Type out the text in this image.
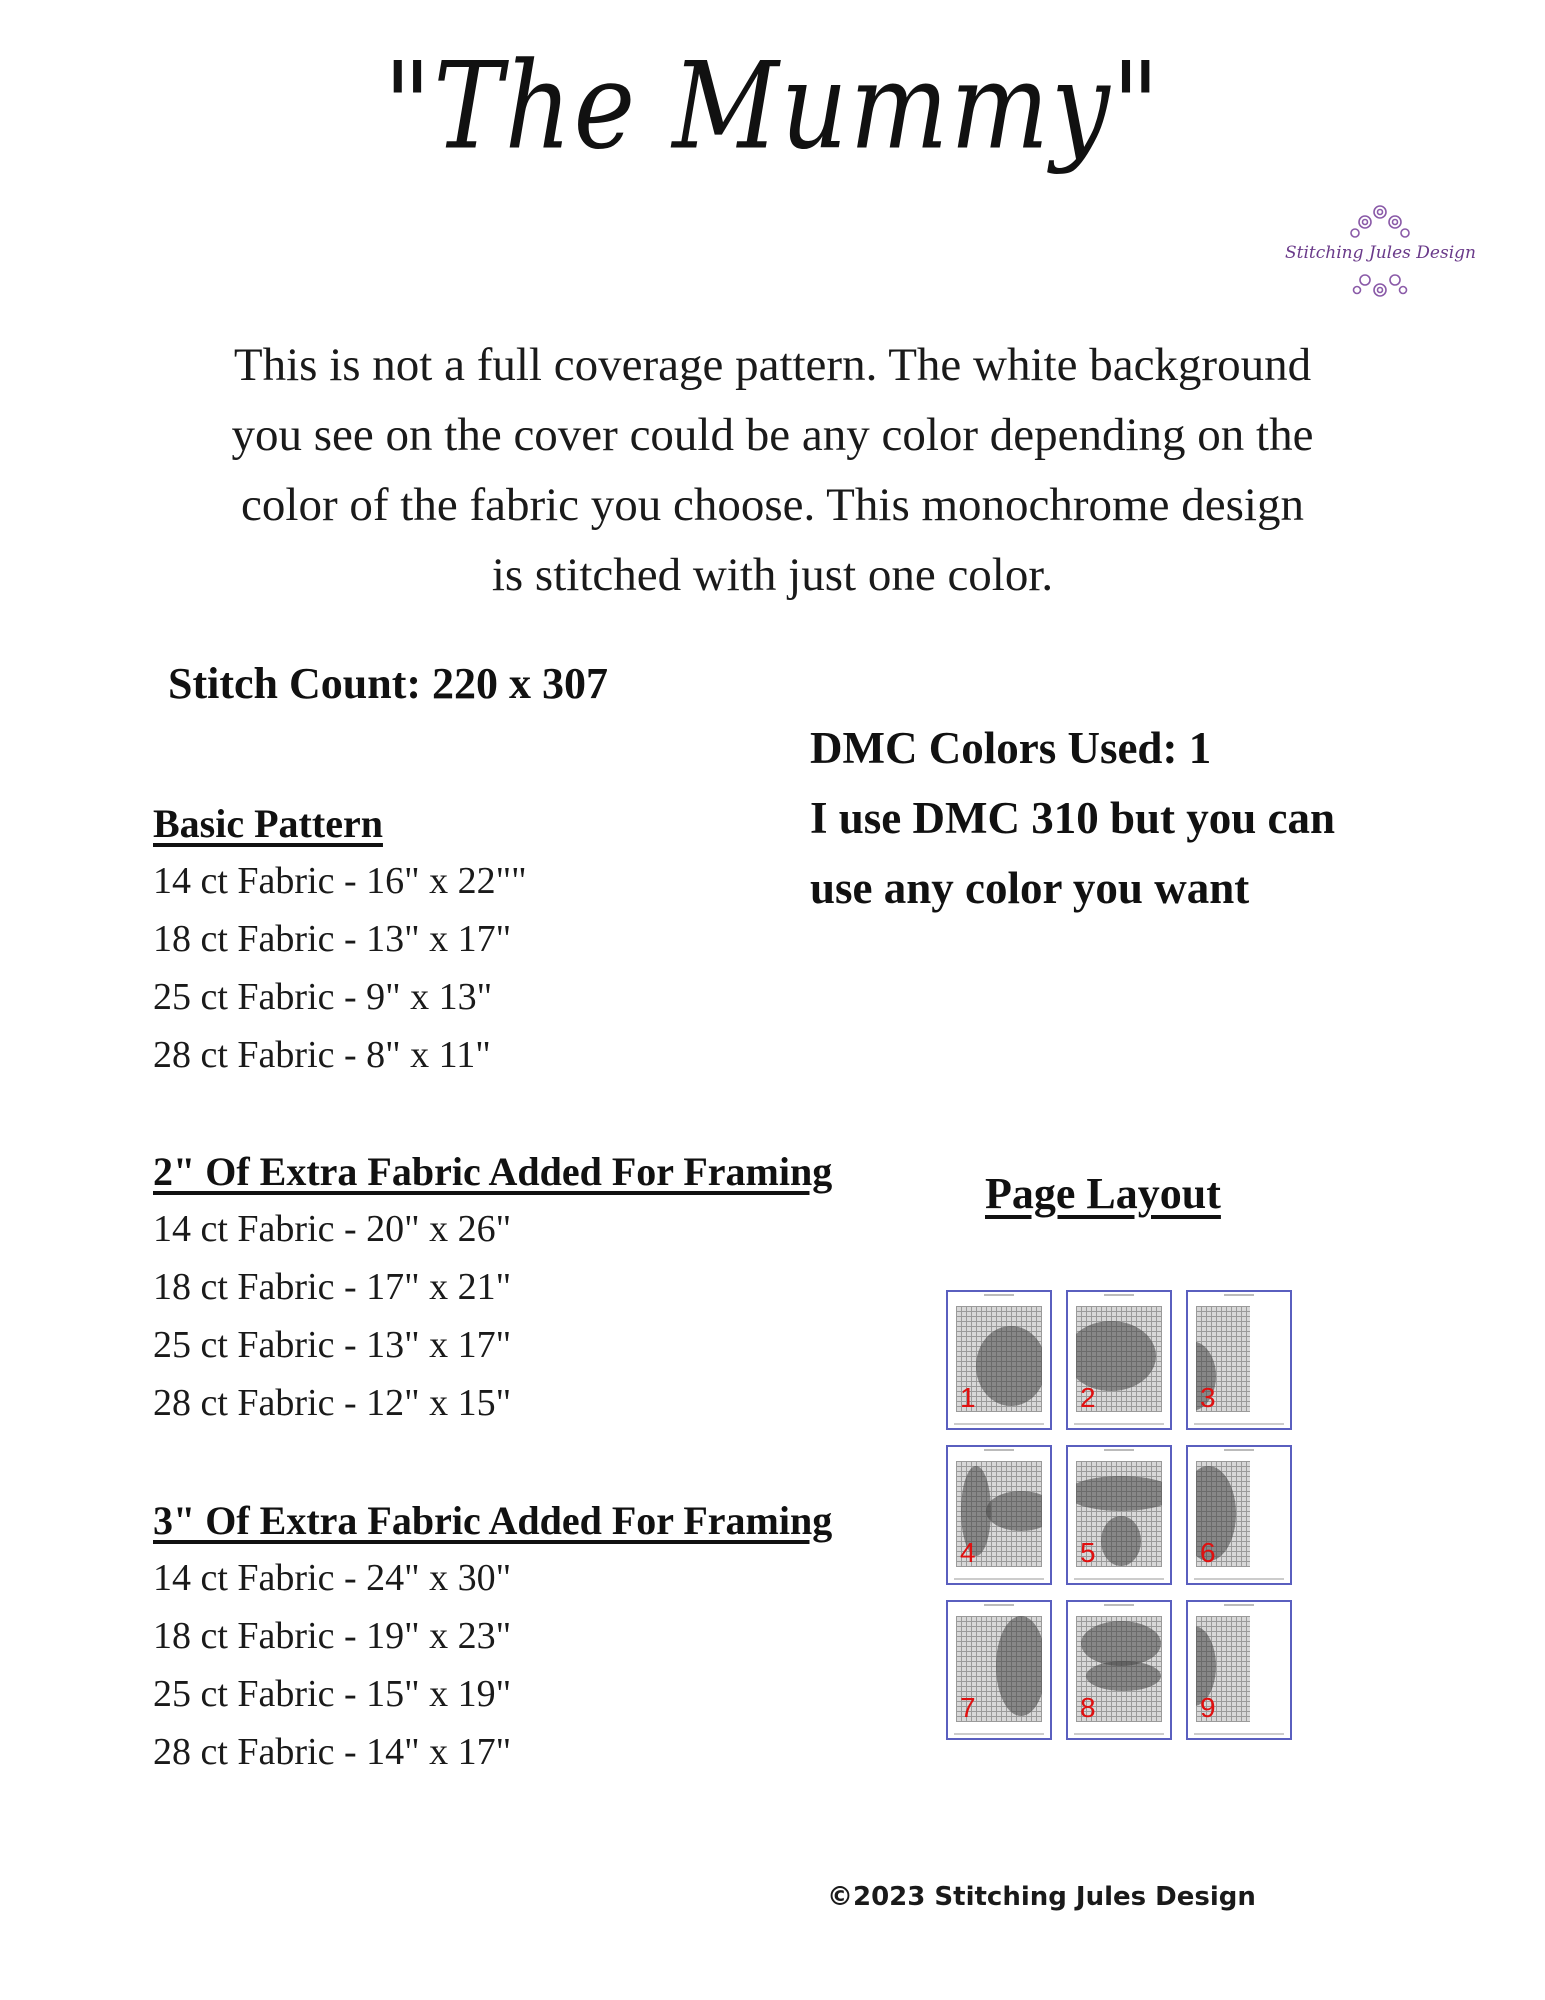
"The Mummy"
Stitching Jules Design
This is not a full coverage pattern. The white background
you see on the cover could be any color depending on the
color of the fabric you choose. This monochrome design
is stitched with just one color.
Stitch Count: 220 x 307
DMC Colors Used: 1
I use DMC 310 but you can
use any color you want
Basic Pattern
14 ct Fabric - 16" x 22""
18 ct Fabric - 13" x 17"
25 ct Fabric - 9" x 13"
28 ct Fabric - 8" x 11"
2" Of Extra Fabric Added For Framing
14 ct Fabric - 20" x 26"
18 ct Fabric - 17" x 21"
25 ct Fabric - 13" x 17"
28 ct Fabric - 12" x 15"
3" Of Extra Fabric Added For Framing
14 ct Fabric - 24" x 30"
18 ct Fabric - 19" x 23"
25 ct Fabric - 15" x 19"
28 ct Fabric - 14" x 17"
Page Layout
1	2	3
4	5	6
7	8	9
©2023 Stitching Jules Design
